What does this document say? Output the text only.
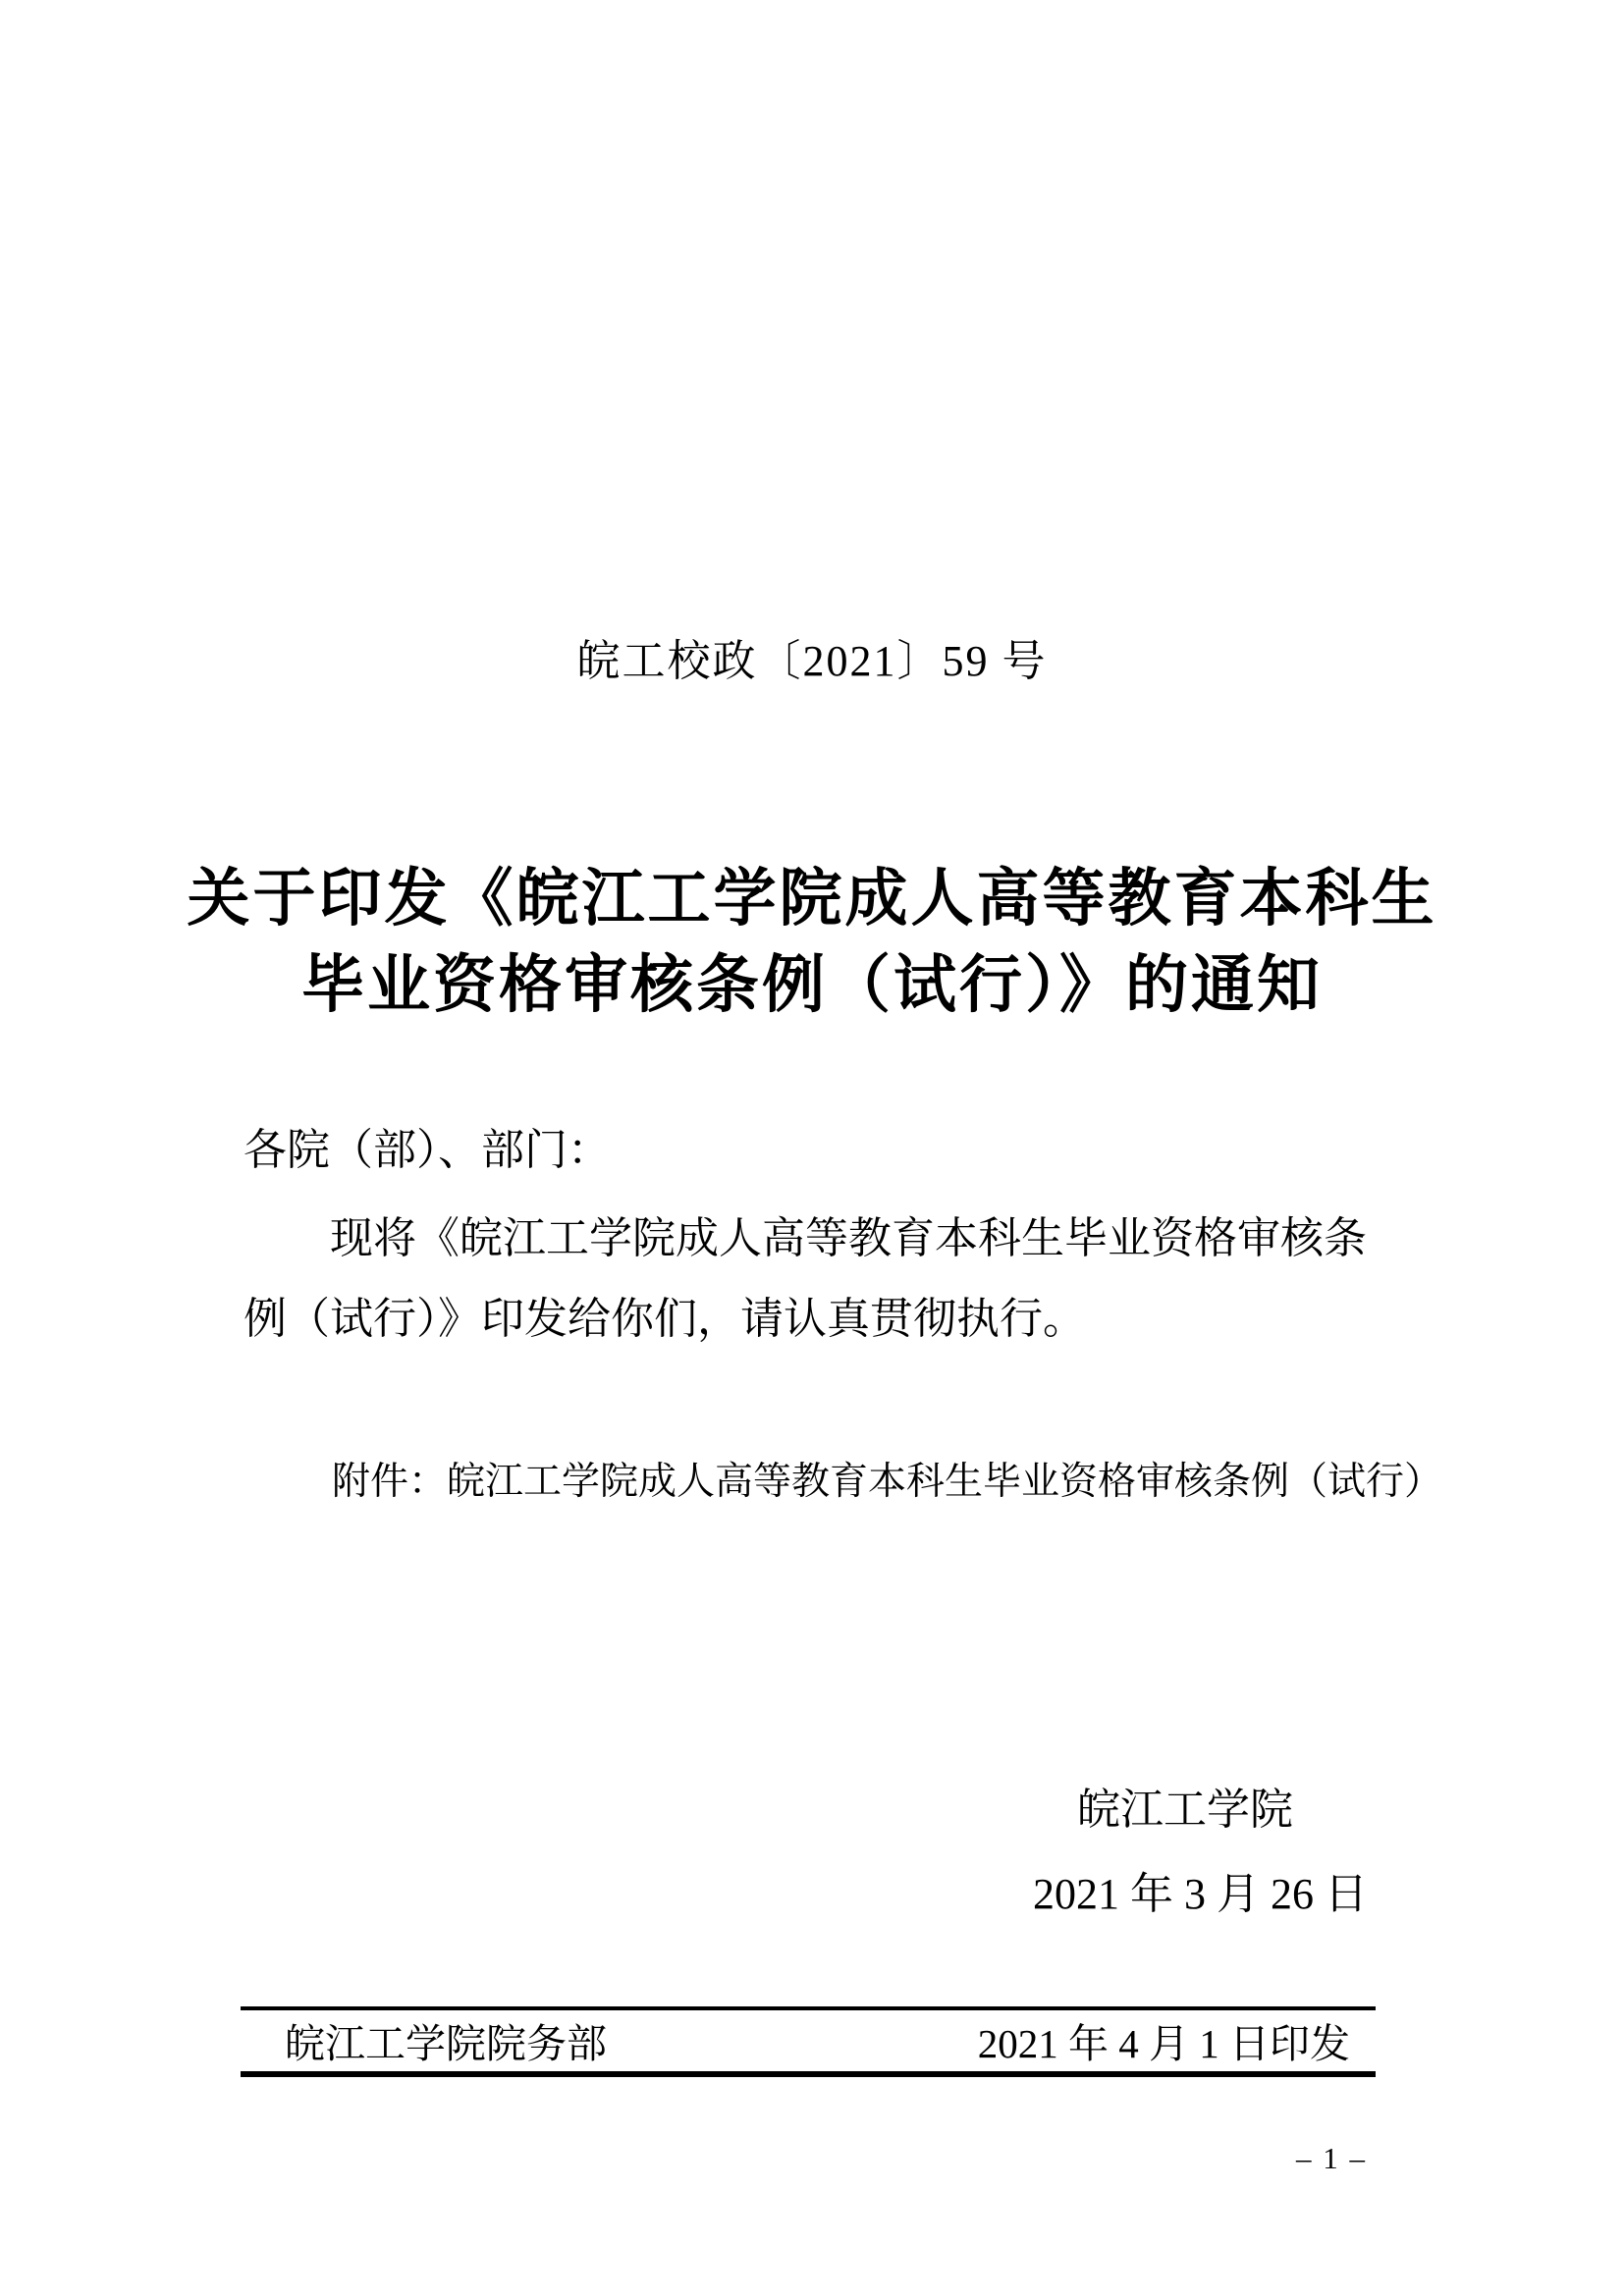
皖工校政〔2021〕59 号
关于印发《皖江工学院成人高等教育本科生
毕业资格审核条例（试行）》的通知
各院（部）、部门：
现将《皖江工学院成人高等教育本科生毕业资格审核条
例（试行）》印发给你们，请认真贯彻执行。
附件：皖江工学院成人高等教育本科生毕业资格审核条例（试行）
皖江工学院
2021 年 3 月 26 日
皖江工学院院务部	2021 年 4 月 1 日印发
– 1 –
